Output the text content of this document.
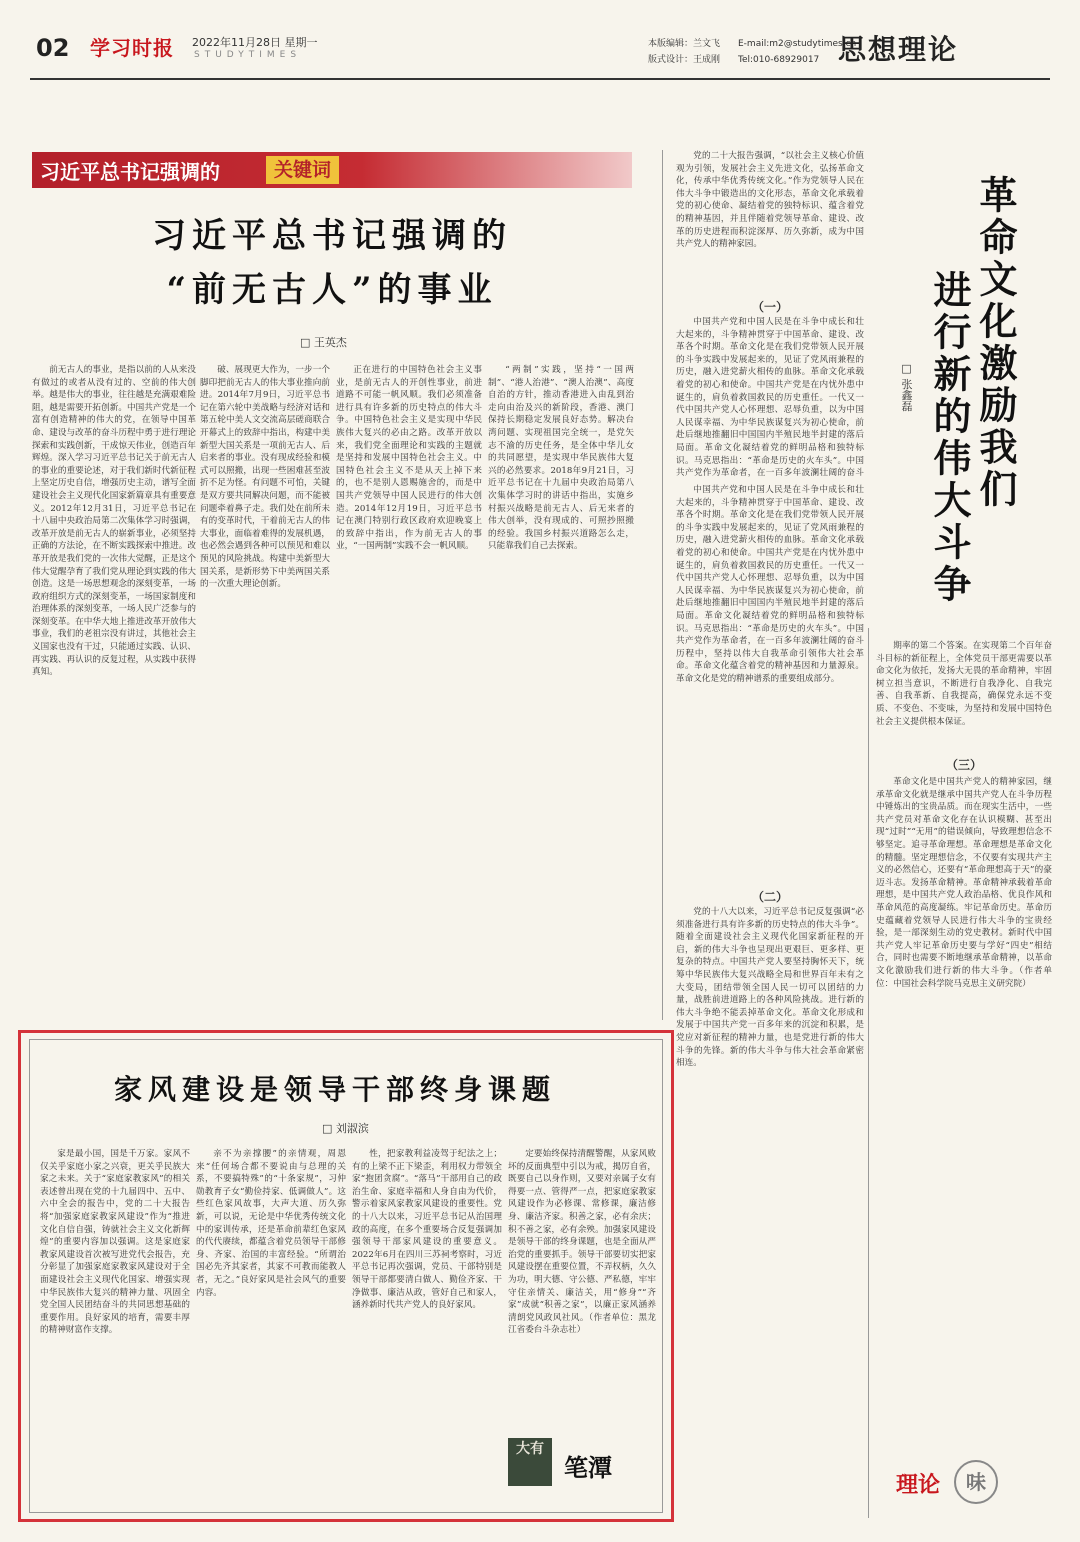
02 学习时报 2022年11月28日 星期一
STUDYTIMES
本版编辑：兰文飞
版式设计：王成刚
E-mail:m2@studytimes.cn
Tel:010-68929017 思想理论
习近平总书记强调的	关键词
习近平总书记强调的
“前无古人”的事业
□ 王英杰

前无古人的事业，是指以前的人从来没有做过的或者从没有过的、空前的伟大创举。越是伟大的事业，往往越是充满艰难险阻，越是需要开拓创新。中国共产党是一个富有创造精神的伟大的党，在领导中国革命、建设与改革的奋斗历程中勇于进行理论探索和实践创新，干成惊天伟业，创造百年辉煌。深入学习习近平总书记关于前无古人的事业的重要论述，对于我们新时代新征程上坚定历史自信，增强历史主动，谱写全面建设社会主义现代化国家新篇章具有重要意义。2012年12月31日，习近平总书记在十八届中央政治局第二次集体学习时强调，改革开放是前无古人的崭新事业，必须坚持正确的方法论，在不断实践探索中推进。改革开放是我们党的一次伟大觉醒，正是这个伟大觉醒孕育了我们党从理论到实践的伟大创造。这是一场思想观念的深刻变革，一场政府组织方式的深刻变革，一场国家制度和治理体系的深刻变革，一场人民广泛参与的深刻变革。在中华大地上推进改革开放伟大事业，我们的老祖宗没有讲过，其他社会主义国家也没有干过，只能通过实践、认识、再实践、再认识的反复过程，从实践中获得真知。

破、展现更大作为，一步一个脚印把前无古人的伟大事业推向前进。2014年7月9日，习近平总书记在第六轮中美战略与经济对话和第五轮中美人文交流高层磋商联合开幕式上的致辞中指出，构建中美新型大国关系是一项前无古人、后启来者的事业。没有现成经验和模式可以照搬，出现一些困难甚至波折不足为怪。有问题不可怕，关键是双方要共同解决问题，而不能被问题牵着鼻子走。我们处在前所未有的变革时代，干着前无古人的伟大事业，面临着难得的发展机遇，也必然会遇到各种可以预见和难以预见的风险挑战。构建中美新型大国关系，是新形势下中美两国关系的一次重大理论创新。

正在进行的中国特色社会主义事业，是前无古人的开创性事业，前进道路不可能一帆风顺。我们必须准备进行具有许多新的历史特点的伟大斗争。中国特色社会主义是实现中华民族伟大复兴的必由之路。改革开放以来，我们党全面理论和实践的主题就是坚持和发展中国特色社会主义。中国特色社会主义不是从天上掉下来的，也不是别人恩赐施舍的，而是中国共产党领导中国人民进行的伟大创造。2014年12月19日，习近平总书记在澳门特别行政区政府欢迎晚宴上的致辞中指出，作为前无古人的事业，“一国两制”实践不会一帆风顺。

“两制”实践，坚持“一国两制”、“港人治港”、“澳人治澳”、高度自治的方针，推动香港进入由乱到治走向由治及兴的新阶段，香港、澳门保持长期稳定发展良好态势。解决台湾问题、实现祖国完全统一，是党矢志不渝的历史任务，是全体中华儿女的共同愿望，是实现中华民族伟大复兴的必然要求。2018年9月21日，习近平总书记在十九届中央政治局第八次集体学习时的讲话中指出，实施乡村振兴战略是前无古人、后无来者的伟大创举，没有现成的、可照抄照搬的经验。我国乡村振兴道路怎么走，只能靠我们自己去探索。

家风建设是领导干部终身课题
□ 刘淑滨

家是最小国，国是千万家。家风不仅关乎家庭小家之兴衰，更关乎民族大家之未来。关于“家庭家教家风”的相关表述曾出现在党的十九届四中、五中、六中全会的报告中，党的二十大报告将“加强家庭家教家风建设”作为“推进文化自信自强，铸就社会主义文化新辉煌”的重要内容加以强调。这是家庭家教家风建设首次被写进党代会报告，充分彰显了加强家庭家教家风建设对于全面建设社会主义现代化国家、增强实现中华民族伟大复兴的精神力量、巩固全党全国人民团结奋斗的共同思想基础的重要作用。良好家风的培育，需要丰厚的精神财富作支撑。

亲不为亲撑腰”的亲情观，周恩来“任何场合都不要说由与总理的关系，不要搞特殊”的“十条家规”，习仲勋教育子女“勤俭持家、低调做人”。这些红色家风故事，大声大道、历久弥新，可以说，无论是中华优秀传统文化中的家训传承，还是革命前辈红色家风的代代赓续，都蕴含着党员领导干部修身、齐家、治国的丰富经验。“所谓治国必先齐其家者，其家不可教而能教人者，无之。”良好家风是社会风气的重要内容。

性，把家教利益凌驾于纪法之上；有的上梁不正下梁歪，利用权力带领全家“抱团贪腐”。“落马”干部用自己的政治生命、家庭幸福和人身自由为代价，警示着家风家教家风建设的重要性。党的十八大以来，习近平总书记从治国理政的高度，在多个重要场合反复强调加强领导干部家风建设的重要意义。2022年6月在四川三苏祠考察时，习近平总书记再次强调，党员、干部特别是领导干部都要清白做人、勤俭齐家、干净做事、廉洁从政，管好自己和家人，涵养新时代共产党人的良好家风。

定要始终保持清醒警醒，从家风败坏的反面典型中引以为戒，揭厉自省，既要自己以身作则，又要对亲属子女有得要一点、管得严一点，把家庭家教家风建设作为必修课、常修课，廉洁修身、廉洁齐家。积善之家，必有余庆；积不善之家，必有余殃。加强家风建设是领导干部的终身课题，也是全面从严治党的重要抓手。领导干部要切实把家风建设摆在重要位置，不弄权柄，久久为功，明大德、守公德、严私德，牢牢守住亲情关、廉洁关，用“修身”“齐家”成就“积善之家”，以廉正家风涵养清朗党风政风社风。（作者单位：黑龙江省委台斗杂志社）

大有
笔潭

党的二十大报告强调，“以社会主义核心价值观为引领，发展社会主义先进文化，弘扬革命文化，传承中华优秀传统文化。”作为党领导人民在伟大斗争中锻造出的文化形态，革命文化承载着党的初心使命、凝结着党的独特标识、蕴含着党的精神基因，并且伴随着党领导革命、建设、改革的历史进程而积淀深厚、历久弥新，成为中国共产党人的精神家园。	革命文化激励我们
进行新的伟大斗争
□ 张鑫磊
（一）

中国共产党和中国人民是在斗争中成长和壮大起来的，斗争精神贯穿于中国革命、建设、改革各个时期。革命文化是在我们党带领人民开展的斗争实践中发展起来的，见证了党风雨兼程的历史，融入进党薪火相传的血脉。革命文化承载着党的初心和使命。中国共产党是在内忧外患中诞生的，肩负着救国救民的历史重任。一代又一代中国共产党人心怀理想、忍辱负重，以为中国人民谋幸福、为中华民族谋复兴为初心使命，前赴后继地推翻旧中国国内半殖民地半封建的落后局面。革命文化凝结着党的鲜明品格和独特标识。马克思指出：“革命是历史的火车头”。中国共产党作为革命者，在一百多年波澜壮阔的奋斗

中国共产党和中国人民是在斗争中成长和壮大起来的，斗争精神贯穿于中国革命、建设、改革各个时期。革命文化是在我们党带领人民开展的斗争实践中发展起来的，见证了党风雨兼程的历史，融入进党薪火相传的血脉。革命文化承载着党的初心和使命。中国共产党是在内忧外患中诞生的，肩负着救国救民的历史重任。一代又一代中国共产党人心怀理想、忍辱负重，以为中国人民谋幸福、为中华民族谋复兴为初心使命，前赴后继地推翻旧中国国内半殖民地半封建的落后局面。革命文化凝结着党的鲜明品格和独特标识。马克思指出：“革命是历史的火车头”。中国共产党作为革命者，在一百多年波澜壮阔的奋斗历程中，坚持以伟大自我革命引领伟大社会革命。革命文化蕴含着党的精神基因和力量源泉。革命文化是党的精神谱系的重要组成部分。

（二）

党的十八大以来，习近平总书记反复强调“必须准备进行具有许多新的历史特点的伟大斗争”。随着全面建设社会主义现代化国家新征程的开启，新的伟大斗争也呈现出更艰巨、更多样、更复杂的特点。中国共产党人要坚持胸怀天下，统筹中华民族伟大复兴战略全局和世界百年未有之大变局，团结带领全国人民一切可以团结的力量，战胜前进道路上的各种风险挑战。进行新的伟大斗争绝不能丢掉革命文化。革命文化形成和发展于中国共产党一百多年来的沉淀和积累，是党应对新征程的精神力量，也是党进行新的伟大斗争的先锋。新的伟大斗争与伟大社会革命紧密相连。

期率的第二个答案。在实现第二个百年奋斗目标的新征程上，全体党员干部更需要以革命文化为依托，发扬大无畏的革命精神，牢固树立担当意识，不断进行自我净化、自我完善、自我革新、自我提高，确保党永远不变质、不变色、不变味，为坚持和发展中国特色社会主义提供根本保证。

（三）

革命文化是中国共产党人的精神家园，继承革命文化就是继承中国共产党人在斗争历程中锤炼出的宝贵品质。而在现实生活中，一些共产党员对革命文化存在认识模糊、甚至出现“过时”“无用”的错误倾向，导致理想信念不够坚定。追寻革命理想。革命理想是革命文化的精髓。坚定理想信念，不仅要有实现共产主义的必然信心，还要有“革命理想高于天”的豪迈斗志。发扬革命精神。革命精神承载着革命理想，是中国共产党人政治品格、优良作风和革命风范的高度凝练。牢记革命历史。革命历史蕴藏着党领导人民进行伟大斗争的宝贵经验，是一部深刻生动的党史教材。新时代中国共产党人牢记革命历史要与学好“四史”相结合，同时也需要不断地继承革命精神，以革命文化激励我们进行新的伟大斗争。（作者单位：中国社会科学院马克思主义研究院）

理论	味
